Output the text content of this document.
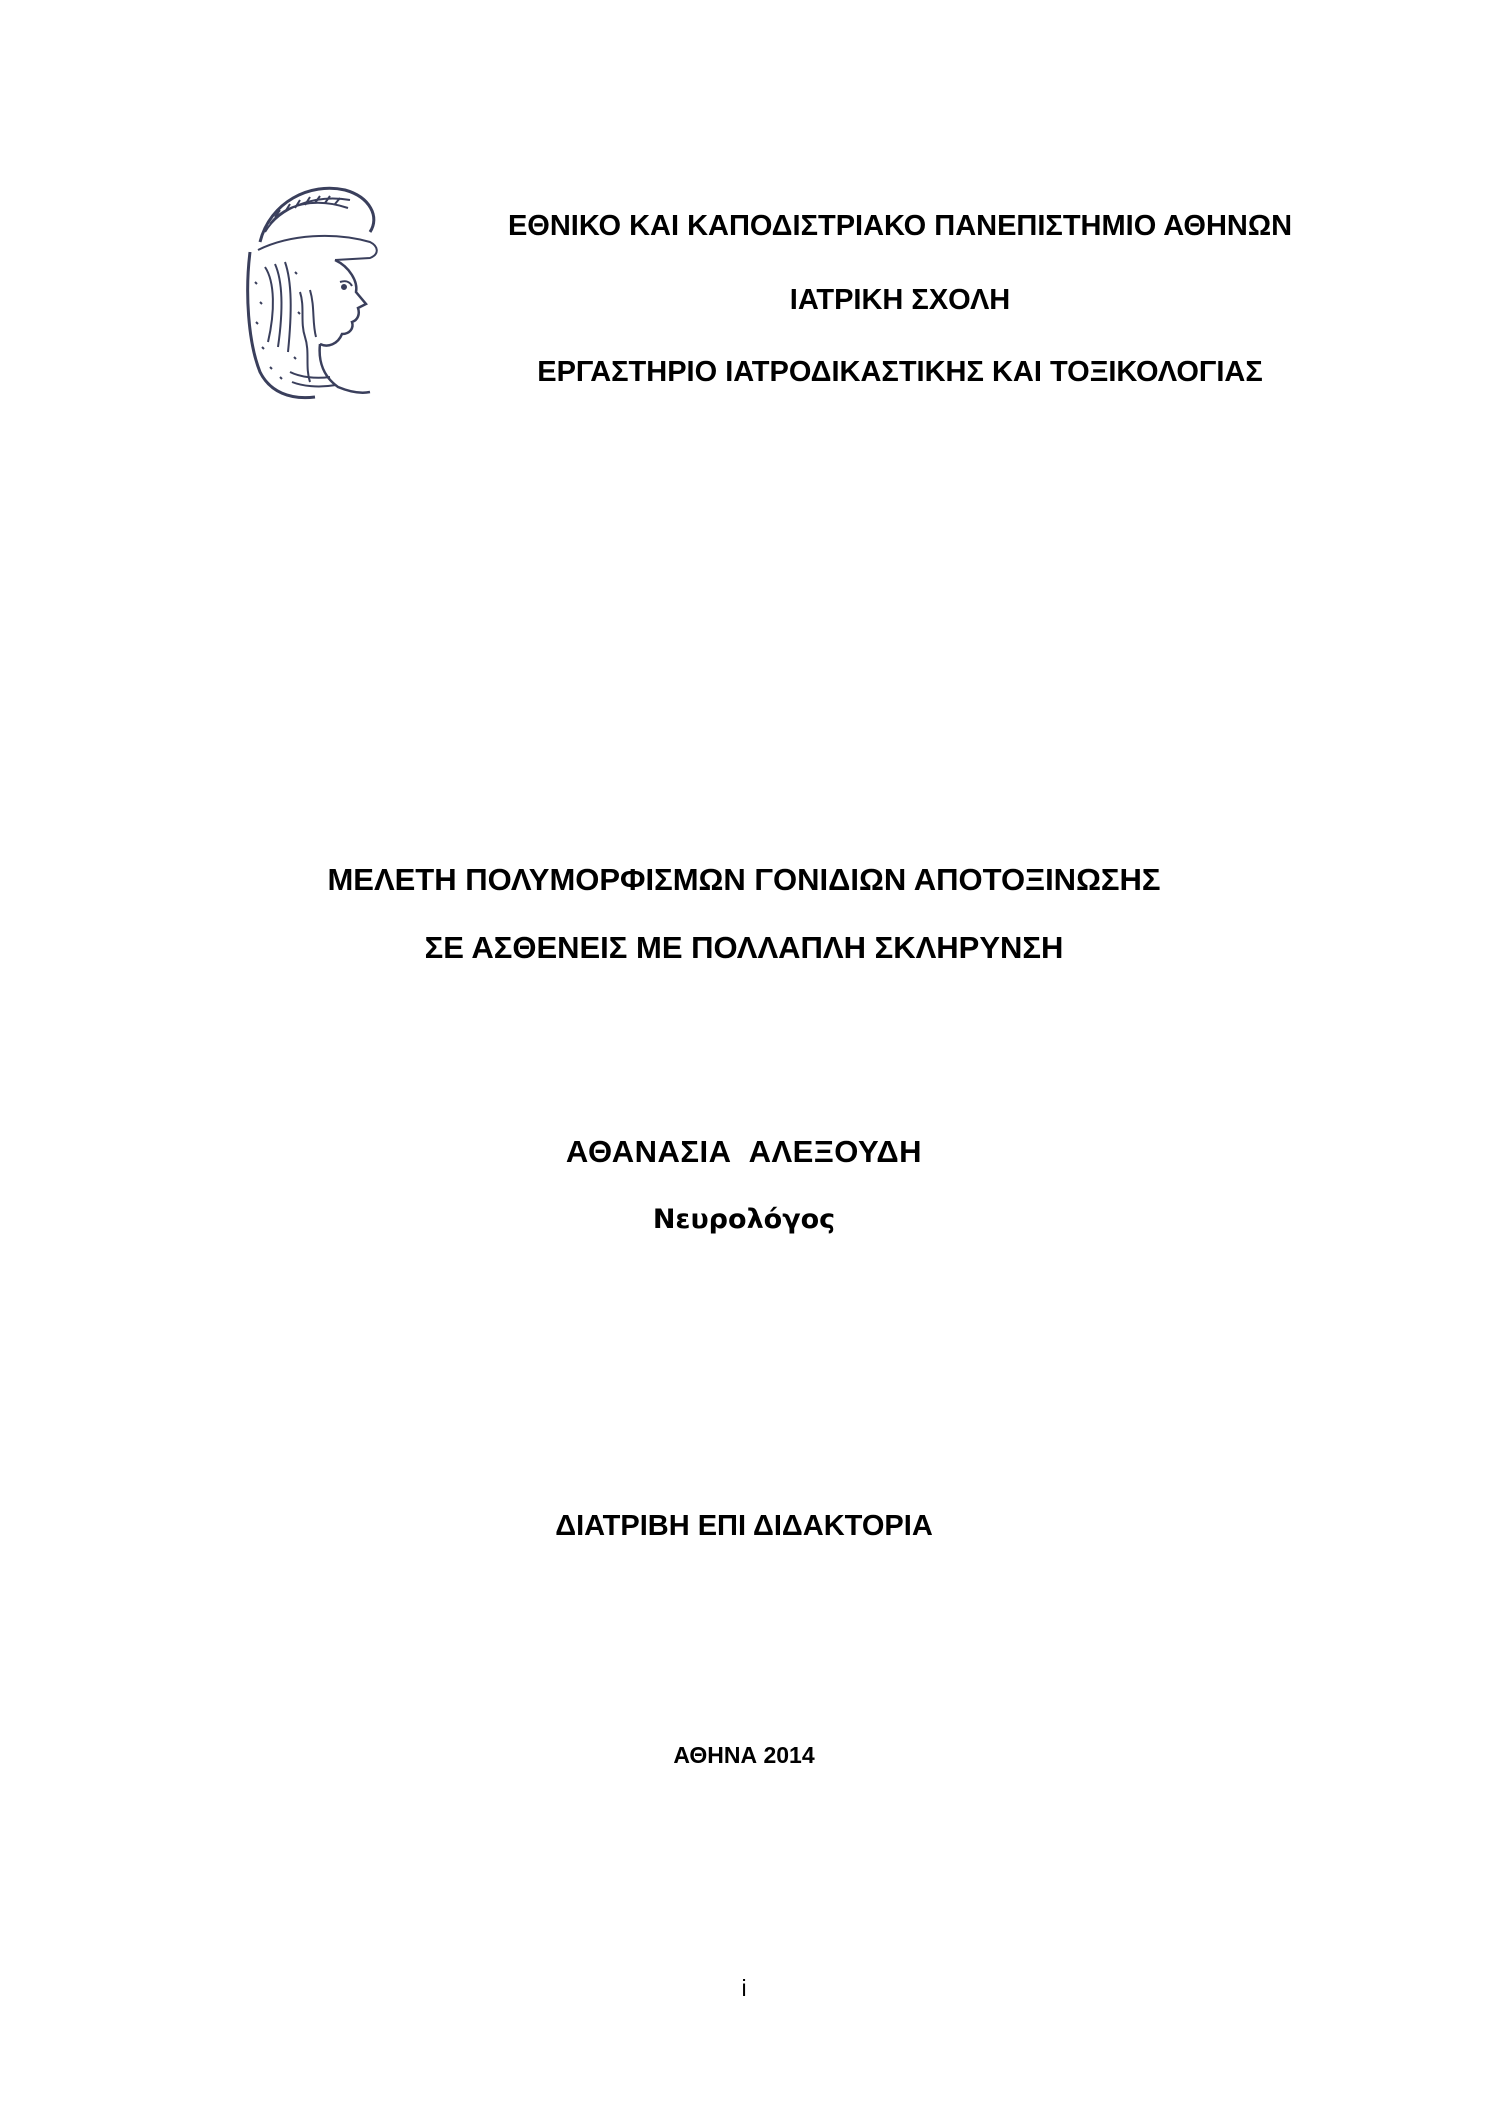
ΕΘΝΙΚΟ ΚΑΙ ΚΑΠΟΔΙΣΤΡΙΑΚΟ ΠΑΝΕΠΙΣΤΗΜΙΟ ΑΘΗΝΩΝ
ΙΑΤΡΙΚΗ ΣΧΟΛΗ
ΕΡΓΑΣΤΗΡΙΟ ΙΑΤΡΟΔΙΚΑΣΤΙΚΗΣ ΚΑΙ ΤΟΞΙΚΟΛΟΓΙΑΣ
ΜΕΛΕΤΗ ΠΟΛΥΜΟΡΦΙΣΜΩΝ ΓΟΝΙΔΙΩΝ ΑΠΟΤΟΞΙΝΩΣΗΣ
ΣΕ ΑΣΘΕΝΕΙΣ ΜΕ ΠΟΛΛΑΠΛΗ ΣΚΛΗΡΥΝΣΗ
ΑΘΑΝΑΣΙΑ  ΑΛΕΞΟΥΔΗ
Νευρολόγος
ΔΙΑΤΡΙΒΗ ΕΠΙ ΔΙΔΑΚΤΟΡΙΑ
ΑΘΗΝΑ 2014
i
